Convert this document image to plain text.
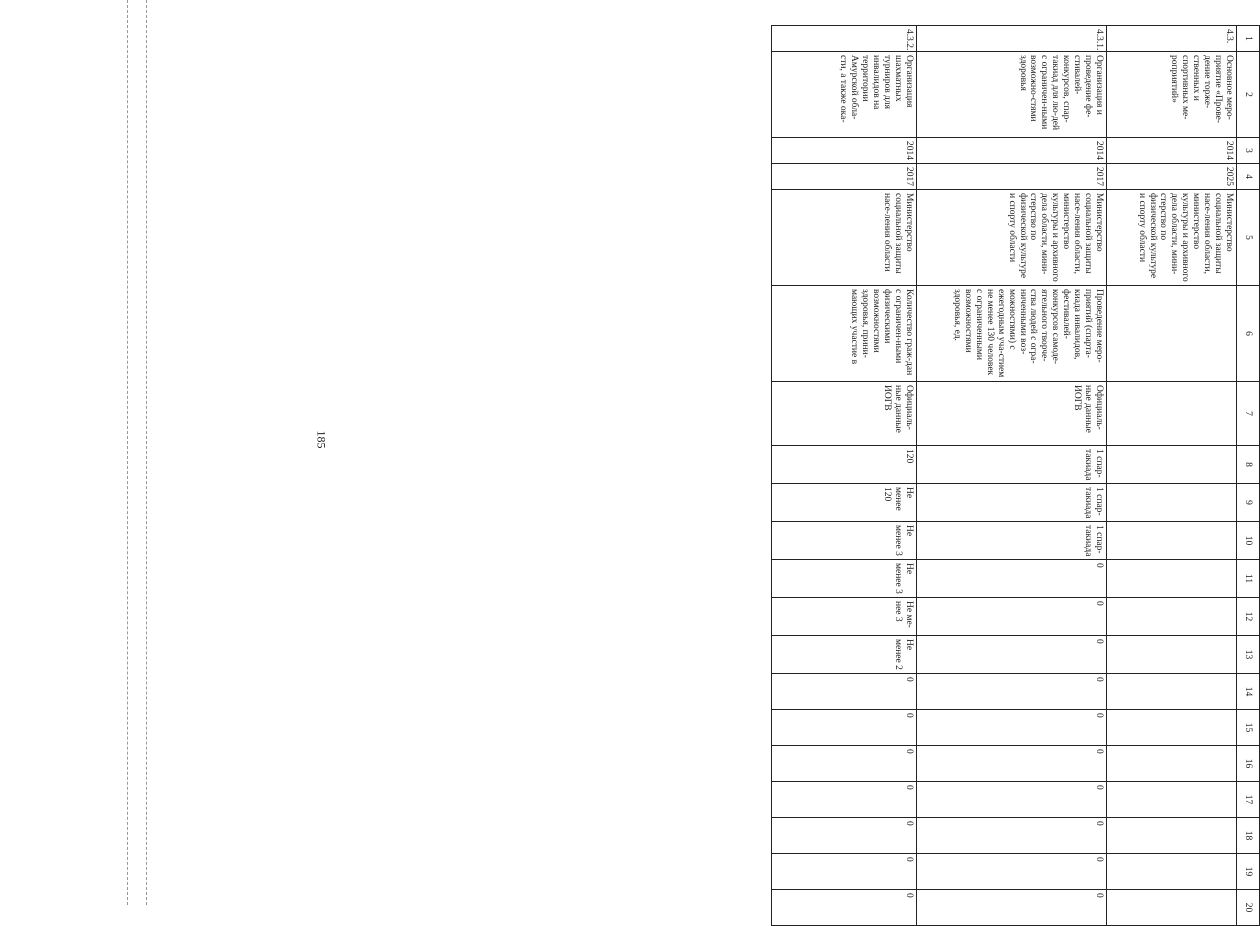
185
1	2	3	4	5	6	7	8	9	10	11	12	13	14	15	16	17	18	19	20
4.3.	Основное меро-приятие «Прове-дение торже-ственных и спортивных ме-роприятий»	2014	2025	Министерство социальной защиты насе-ления области, министерство культуры и архивного дела области, мини-стерство по физической культуре и спорту области															
4.3.1.	Организация и проведение фе-стивалей-конкурсов, спар-такиад для лю-дей с ограничен-ными возможно-стями здоровья	2014	2017	Министерство социальной защиты насе-ления области, министерство культуры и архивного дела области, мини-стерство по физической культуре и спорту области	Проведение меро-приятий (спарта-киада инвалидов, фестивалей-конкурсов самоде-ятельного творче-ства людей с огра-ниченными воз-можностями) с ежегодным уча-стием не менее 130 человек с ограниченными возможностями здоровья, ед.	Официаль-ные данные ИОГВ	1 спар-такиада	1 спар-такиада	1 спар-такиада	0	0	0	0	0	0	0	0	0	0
4.3.2.	Организация шахматных турниров для инвалидов на территории Амурской обла-сти, а также ока-	2014	2017	Министерство социальной защиты насе-ления области	Количество граж-дан с ограничен-ными физическими возможностями здоровья, прини-мающих участие в	Официаль-ные данные ИОГВ	120	Не менее 120	Не менее 3	Не менее 3	Не ме-нее 3	Не менее 2	0	0	0	0	0	0	0
